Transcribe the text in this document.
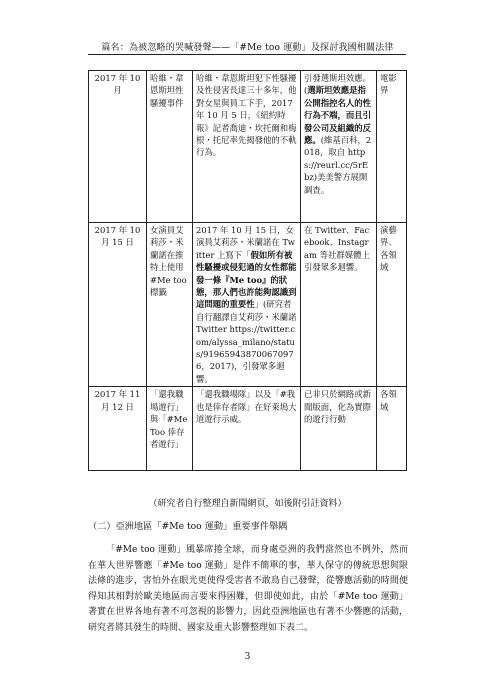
篇名：為被忽略的哭喊發聲——「#Me too 運動」及探討我國相關法律
2017 年 10 月	哈維・韋恩斯坦性騷擾事件	哈維・韋恩斯坦犯下性騷擾及性侵害長達三十多年，他對女星與員工下手，2017 年 10 月 5 日，《紐約時報》記者喬迪・坎托爾和梅根・托尼率先揭發他的不軌行為。	引發選斯坦效應。(選斯坦效應是指公開指控名人的性行為不端，而且引發公司及組織的反應。(維基百科，2018，取自 https://reurl.cc/5rEbz)美美警方展開調查。	電影界
2017 年 10 月 15 日	女演員艾莉莎・米蘭諾在推特上使用 #Me too 標籤	2017 年 10 月 15 日，女演員艾莉莎・米蘭諾在 Twitter 上寫下「假如所有被性騷擾或侵犯過的女性都能發一條『Me too』的狀態，那人們也許能夠認識到這問題的重要性」(研究者自行翻譯自艾莉莎・米蘭諾 Twitter https://twitter.com/alyssa_milano/status/919659438700670976，2017)，引發眾多迴響。	在 Twitter、Facebook、Instagram 等社群媒體上引發眾多迴響。	演藝界、各領域
2017 年 11 月 12 日	「還我職場遊行」與「#MeToo 倖存者遊行」	「還我職場隊」以及「#我也是倖存者隊」在好萊塢大道遊行示威。	已非只於網路或新聞版面，化為實際的遊行行動	各領域
（研究者自行整理自新聞網頁，如後附引註資料）
（二）亞洲地區「#Me too 運動」重要事件舉隅

「#Me too 運動」風暴席捲全球，而身處亞洲的我們當然也不例外，然而在華人世界響應「#Me too 運動」是件不簡單的事，華人保守的傳統思想與限法條的進步，害怕外在眼光更使得受害者不敢鳥自己發聲，從響應活動的時間便得知其相對於歐美地區而言要來得困難，但即使如此，由於「#Me too 運動」著實在世界各地有著不可忽視的影響力，因此亞洲地區也有著不少響應的活動，研究者將其發生的時間、國家及重大影響整理如下表二。

3
